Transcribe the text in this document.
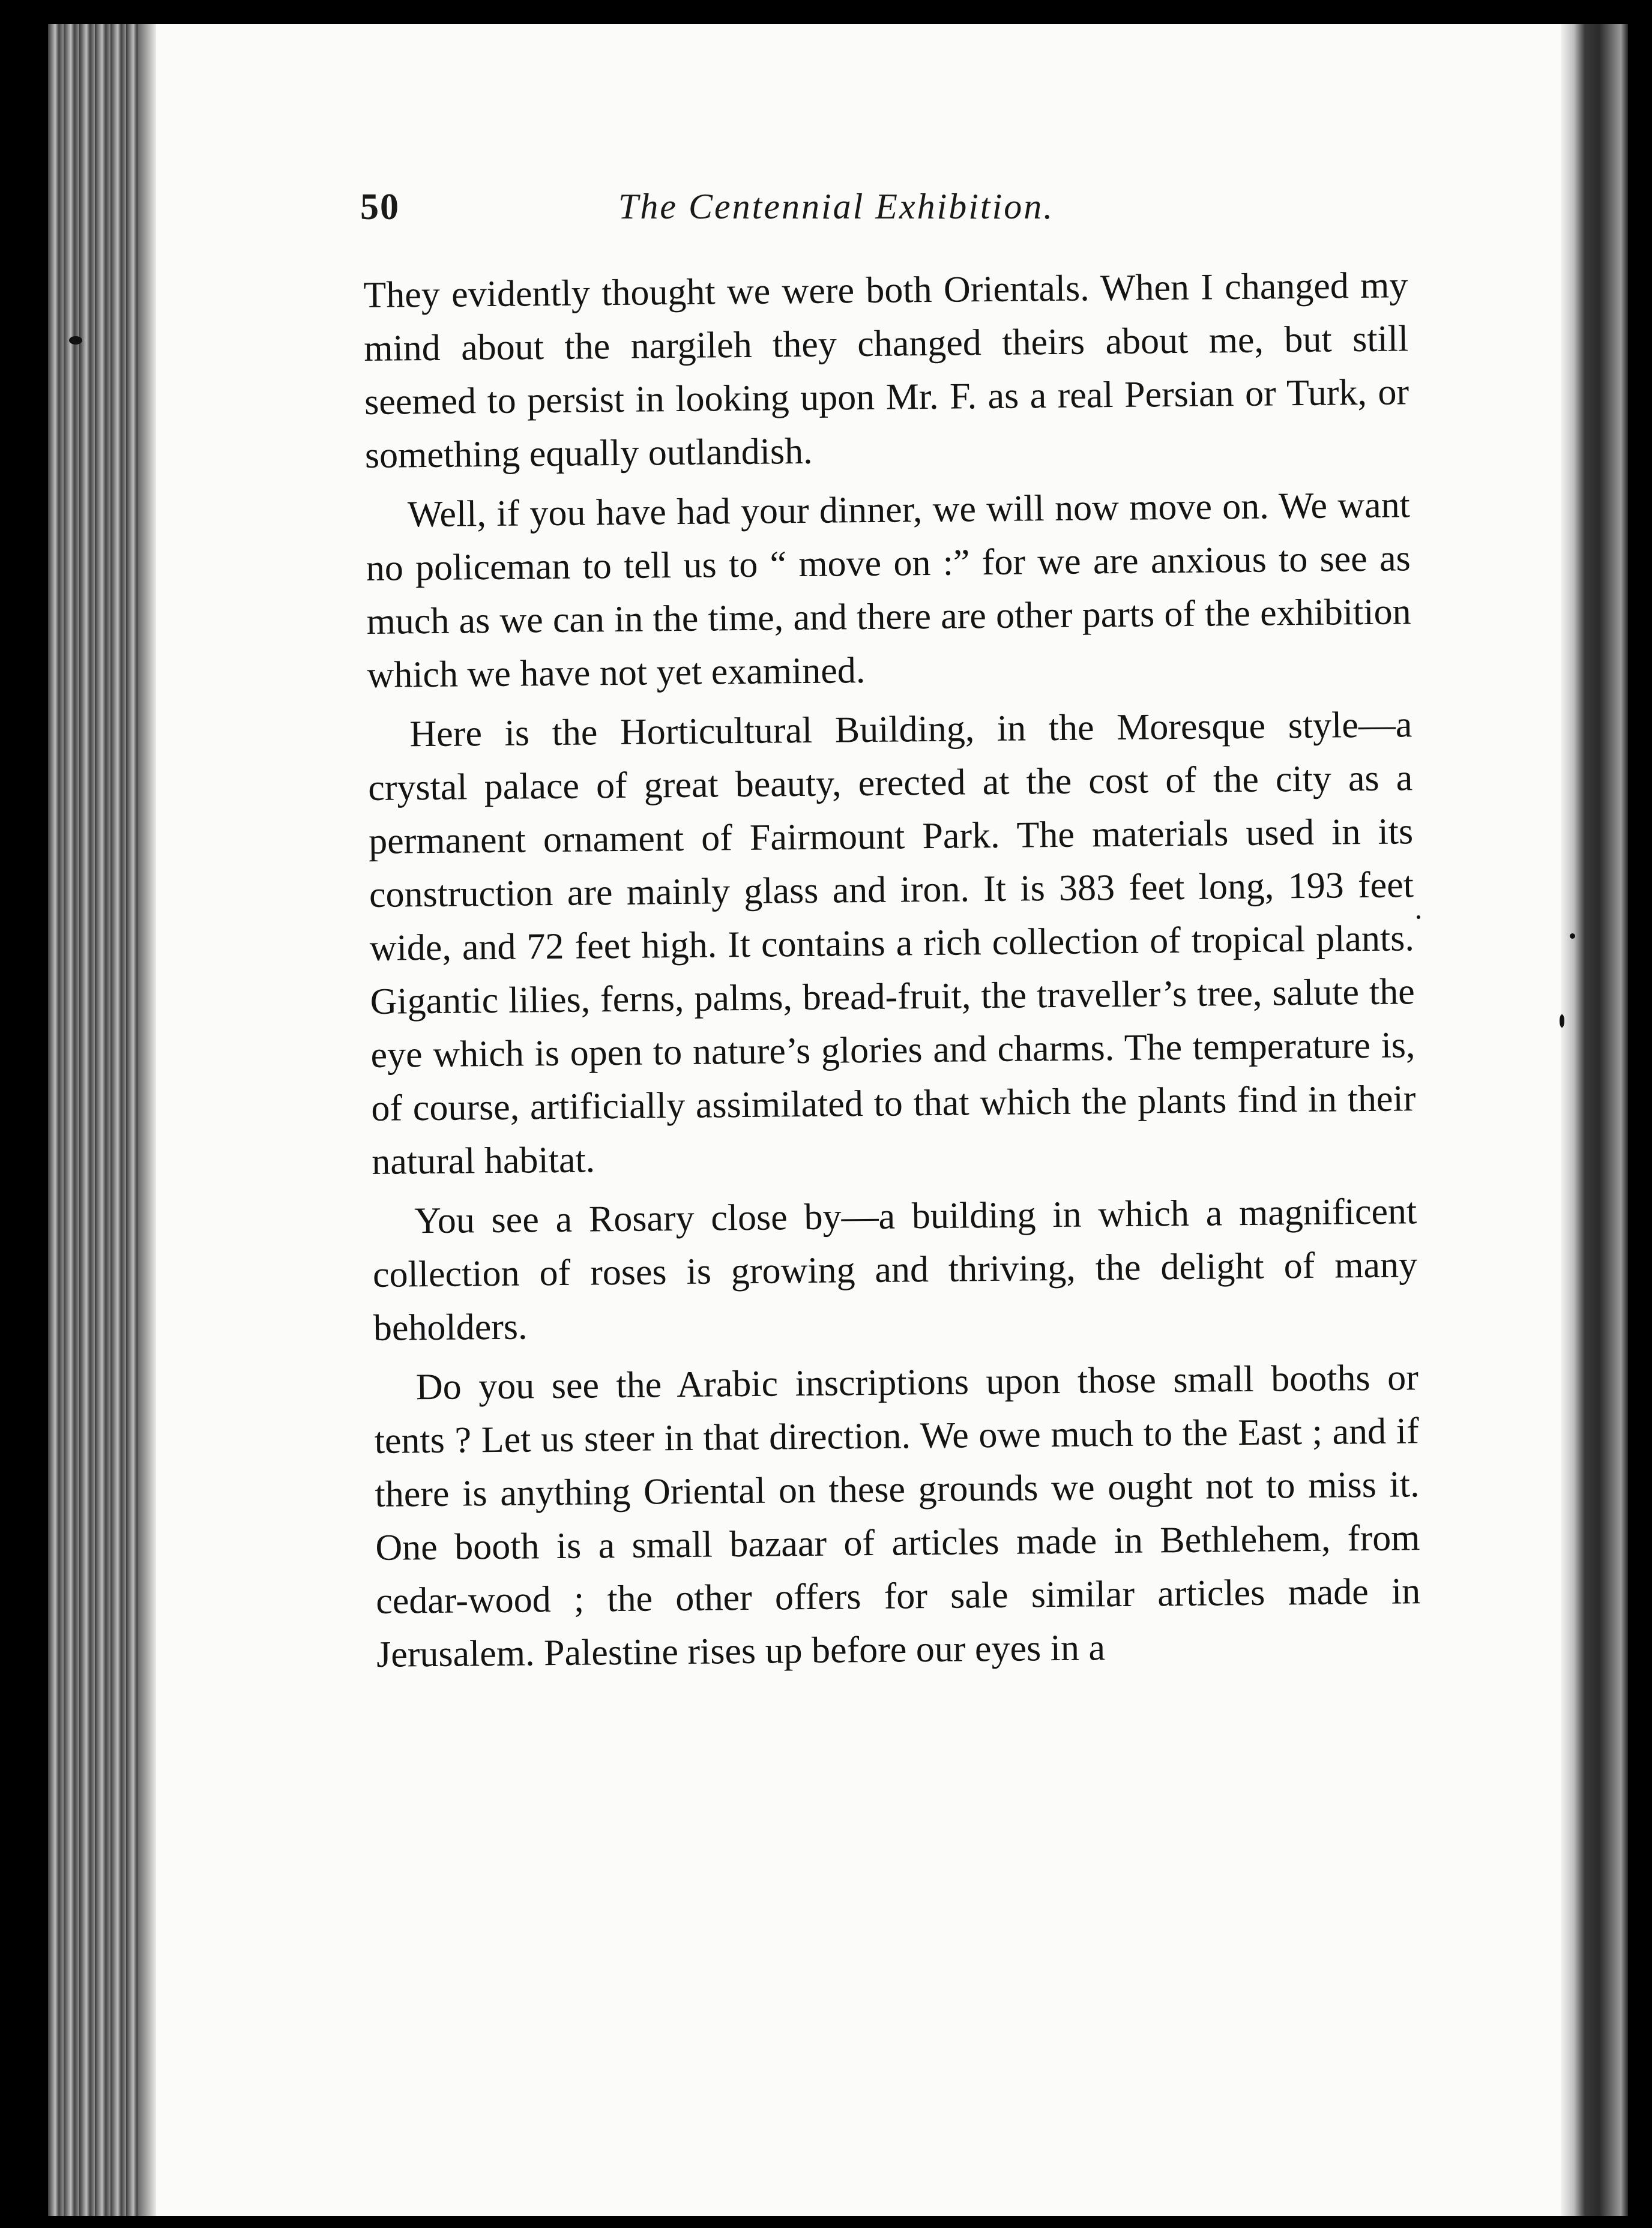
50	The Centennial Exhibition.

They evidently thought we were both Orientals. When I changed my mind about the nargileh they changed theirs about me, but still seemed to persist in looking upon Mr. F. as a real Persian or Turk, or something equally outlandish.

Well, if you have had your dinner, we will now move on. We want no policeman to tell us to “ move on :” for we are anxious to see as much as we can in the time, and there are other parts of the exhibition which we have not yet examined.

Here is the Horticultural Building, in the Moresque style—a crystal palace of great beauty, erected at the cost of the city as a permanent ornament of Fairmount Park. The materials used in its construction are mainly glass and iron. It is 383 feet long, 193 feet wide, and 72 feet high. It contains a rich collection of tropical plants. Gigantic lilies, ferns, palms, bread-fruit, the traveller’s tree, salute the eye which is open to nature’s glories and charms. The temperature is, of course, artificially assimilated to that which the plants find in their natural habitat.

You see a Rosary close by—a building in which a magnificent collection of roses is growing and thriving, the delight of many beholders.

Do you see the Arabic inscriptions upon those small booths or tents ? Let us steer in that direction. We owe much to the East ; and if there is anything Oriental on these grounds we ought not to miss it. One booth is a small bazaar of articles made in Bethlehem, from cedar-wood ; the other offers for sale similar articles made in Jerusalem. Palestine rises up before our eyes in a
